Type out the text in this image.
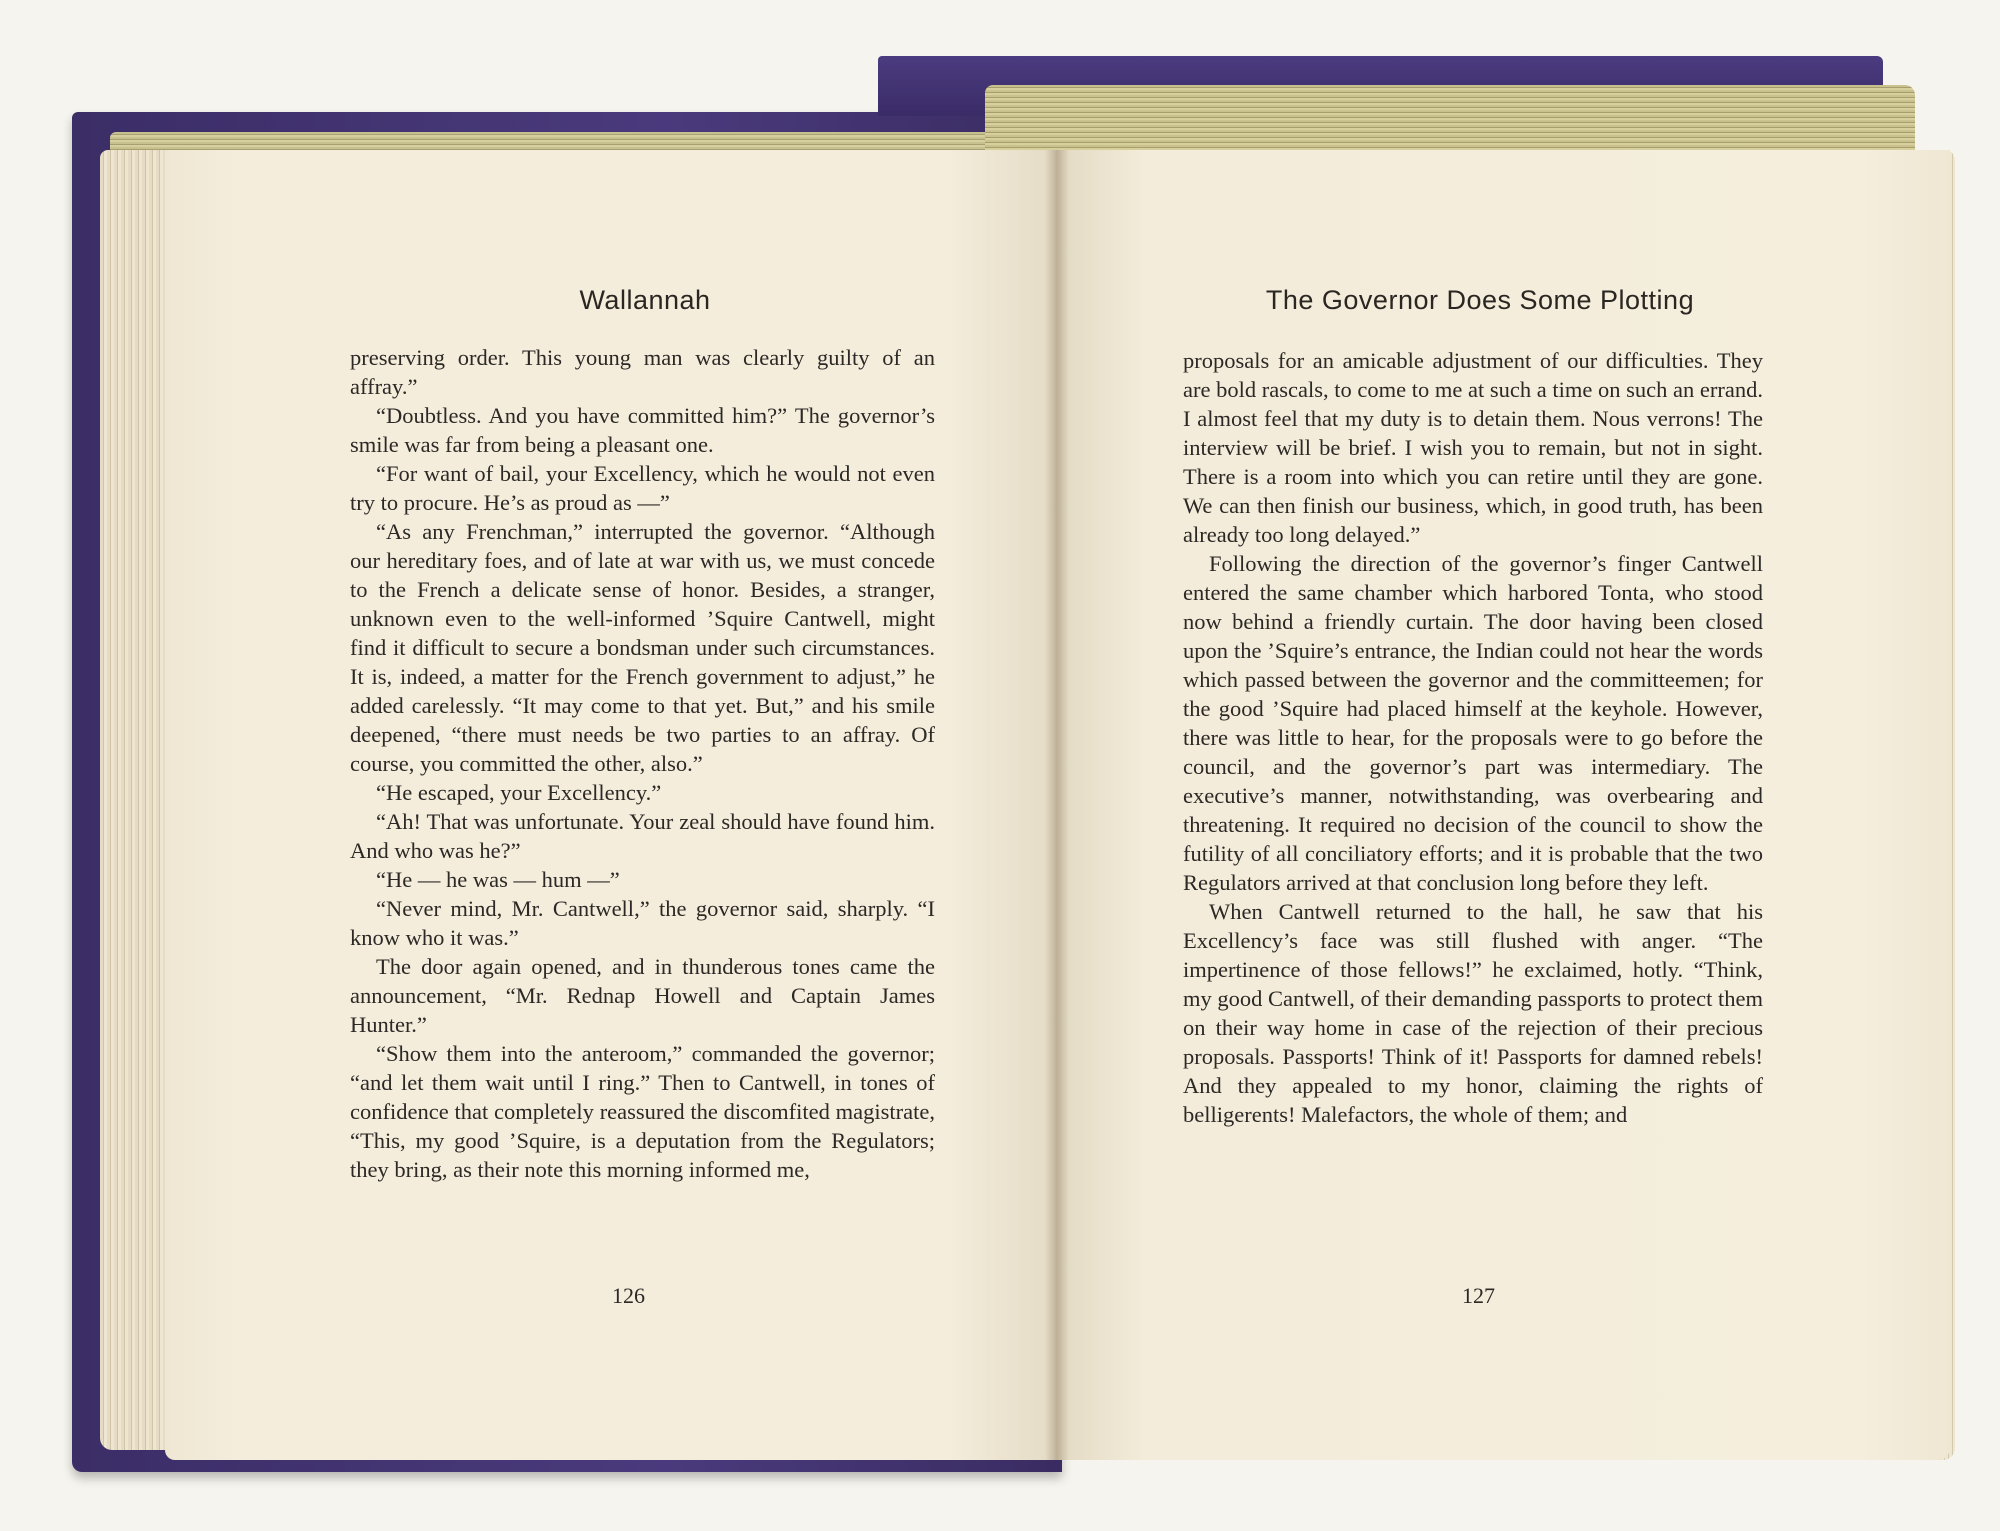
Wallannah	The Governor Does Some Plotting

preserving order. This young man was clearly guilty of an affray.”

“Doubtless. And you have committed him?” The governor’s smile was far from being a pleasant one.

“For want of bail, your Excellency, which he would not even try to procure. He’s as proud as —”

“As any Frenchman,” interrupted the governor. “Although our hereditary foes, and of late at war with us, we must concede to the French a delicate sense of honor. Besides, a stranger, unknown even to the well-informed ’Squire Cantwell, might find it difficult to secure a bondsman under such circumstances. It is, indeed, a matter for the French government to adjust,” he added carelessly. “It may come to that yet. But,” and his smile deepened, “there must needs be two parties to an affray. Of course, you committed the other, also.”

“He escaped, your Excellency.”

“Ah! That was unfortunate. Your zeal should have found him. And who was he?”

“He — he was — hum —”

“Never mind, Mr. Cantwell,” the governor said, sharply. “I know who it was.”

The door again opened, and in thunderous tones came the announcement, “Mr. Rednap Howell and Captain James Hunter.”

“Show them into the anteroom,” commanded the governor; “and let them wait until I ring.” Then to Cantwell, in tones of confidence that completely reassured the discomfited magistrate, “This, my good ’Squire, is a deputation from the Regulators; they bring, as their note this morning informed me,

proposals for an amicable adjustment of our difficulties. They are bold rascals, to come to me at such a time on such an errand. I almost feel that my duty is to detain them. Nous verrons! The interview will be brief. I wish you to remain, but not in sight. There is a room into which you can retire until they are gone. We can then finish our business, which, in good truth, has been already too long delayed.”

Following the direction of the governor’s finger Cantwell entered the same chamber which harbored Tonta, who stood now behind a friendly curtain. The door having been closed upon the ’Squire’s entrance, the Indian could not hear the words which passed between the governor and the committeemen; for the good ’Squire had placed himself at the keyhole. However, there was little to hear, for the proposals were to go before the council, and the governor’s part was intermediary. The executive’s manner, notwithstanding, was overbearing and threatening. It required no decision of the council to show the futility of all conciliatory efforts; and it is probable that the two Regulators arrived at that conclusion long before they left.

When Cantwell returned to the hall, he saw that his Excellency’s face was still flushed with anger. “The impertinence of those fellows!” he exclaimed, hotly. “Think, my good Cantwell, of their demanding passports to protect them on their way home in case of the rejection of their precious proposals. Passports! Think of it! Passports for damned rebels! And they appealed to my honor, claiming the rights of belligerents! Malefactors, the whole of them; and

126	127
